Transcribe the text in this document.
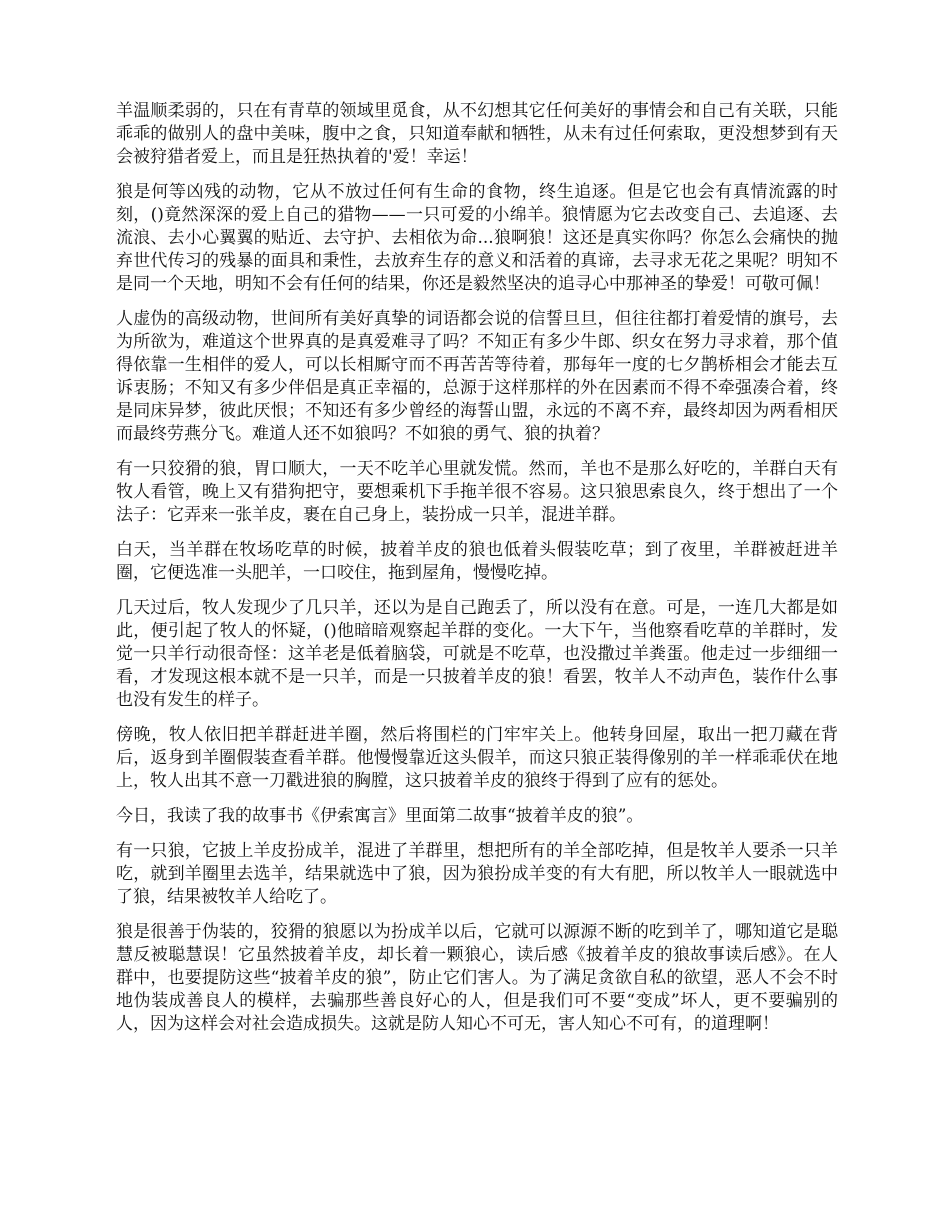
羊温顺柔弱的，只在有青草的领域里觅食，从不幻想其它任何美好的事情会和自己有关联，只能乖乖的做别人的盘中美味，腹中之食，只知道奉献和牺牲，从未有过任何索取，更没想梦到有天会被狩猎者爱上，而且是狂热执着的'爱！幸运！

狼是何等凶残的动物，它从不放过任何有生命的食物，终生追逐。但是它也会有真情流露的时刻，()竟然深深的爱上自己的猎物——一只可爱的小绵羊。狼情愿为它去改变自己、去追逐、去流浪、去小心翼翼的贴近、去守护、去相依为命...狼啊狼！这还是真实你吗？你怎么会痛快的抛弃世代传习的残暴的面具和秉性，去放弃生存的意义和活着的真谛，去寻求无花之果呢？明知不是同一个天地，明知不会有任何的结果，你还是毅然坚决的追寻心中那神圣的挚爱！可敬可佩！

人虚伪的高级动物，世间所有美好真挚的词语都会说的信誓旦旦，但往往都打着爱情的旗号，去为所欲为，难道这个世界真的是真爱难寻了吗？不知正有多少牛郎、织女在努力寻求着，那个值得依靠一生相伴的爱人，可以长相厮守而不再苦苦等待着，那每年一度的七夕鹊桥相会才能去互诉衷肠；不知又有多少伴侣是真正幸福的，总源于这样那样的外在因素而不得不牵强凑合着，终是同床异梦，彼此厌恨；不知还有多少曾经的海誓山盟，永远的不离不弃，最终却因为两看相厌而最终劳燕分飞。难道人还不如狼吗？不如狼的勇气、狼的执着？

有一只狡猾的狼，胃口顺大，一天不吃羊心里就发慌。然而，羊也不是那么好吃的，羊群白天有牧人看管，晚上又有猎狗把守，要想乘机下手拖羊很不容易。这只狼思索良久，终于想出了一个法子：它弄来一张羊皮，裹在自己身上，装扮成一只羊，混进羊群。

白天，当羊群在牧场吃草的时候，披着羊皮的狼也低着头假装吃草；到了夜里，羊群被赶进羊圈，它便选准一头肥羊，一口咬住，拖到屋角，慢慢吃掉。

几天过后，牧人发现少了几只羊，还以为是自己跑丢了，所以没有在意。可是，一连几大都是如此，便引起了牧人的怀疑，()他暗暗观察起羊群的变化。一大下午，当他察看吃草的羊群时，发觉一只羊行动很奇怪：这羊老是低着脑袋，可就是不吃草，也没撒过羊粪蛋。他走过一步细细一看，才发现这根本就不是一只羊，而是一只披着羊皮的狼！看罢，牧羊人不动声色，装作什么事也没有发生的样子。

傍晚，牧人依旧把羊群赶进羊圈，然后将围栏的门牢牢关上。他转身回屋，取出一把刀藏在背后，返身到羊圈假装查看羊群。他慢慢靠近这头假羊，而这只狼正装得像别的羊一样乖乖伏在地上，牧人出其不意一刀戳进狼的胸膛，这只披着羊皮的狼终于得到了应有的惩处。

今日，我读了我的故事书《伊索寓言》里面第二故事“披着羊皮的狼”。

有一只狼，它披上羊皮扮成羊，混进了羊群里，想把所有的羊全部吃掉，但是牧羊人要杀一只羊吃，就到羊圈里去选羊，结果就选中了狼，因为狼扮成羊变的有大有肥，所以牧羊人一眼就选中了狼，结果被牧羊人给吃了。

狼是很善于伪装的，狡猾的狼愿以为扮成羊以后，它就可以源源不断的吃到羊了，哪知道它是聪慧反被聪慧误！它虽然披着羊皮，却长着一颗狼心，读后感《披着羊皮的狼故事读后感》。在人群中，也要提防这些“披着羊皮的狼”，防止它们害人。为了满足贪欲自私的欲望，恶人不会不时地伪装成善良人的模样，去骗那些善良好心的人，但是我们可不要“变成”坏人，更不要骗别的人，因为这样会对社会造成损失。这就是防人知心不可无，害人知心不可有，的道理啊！
